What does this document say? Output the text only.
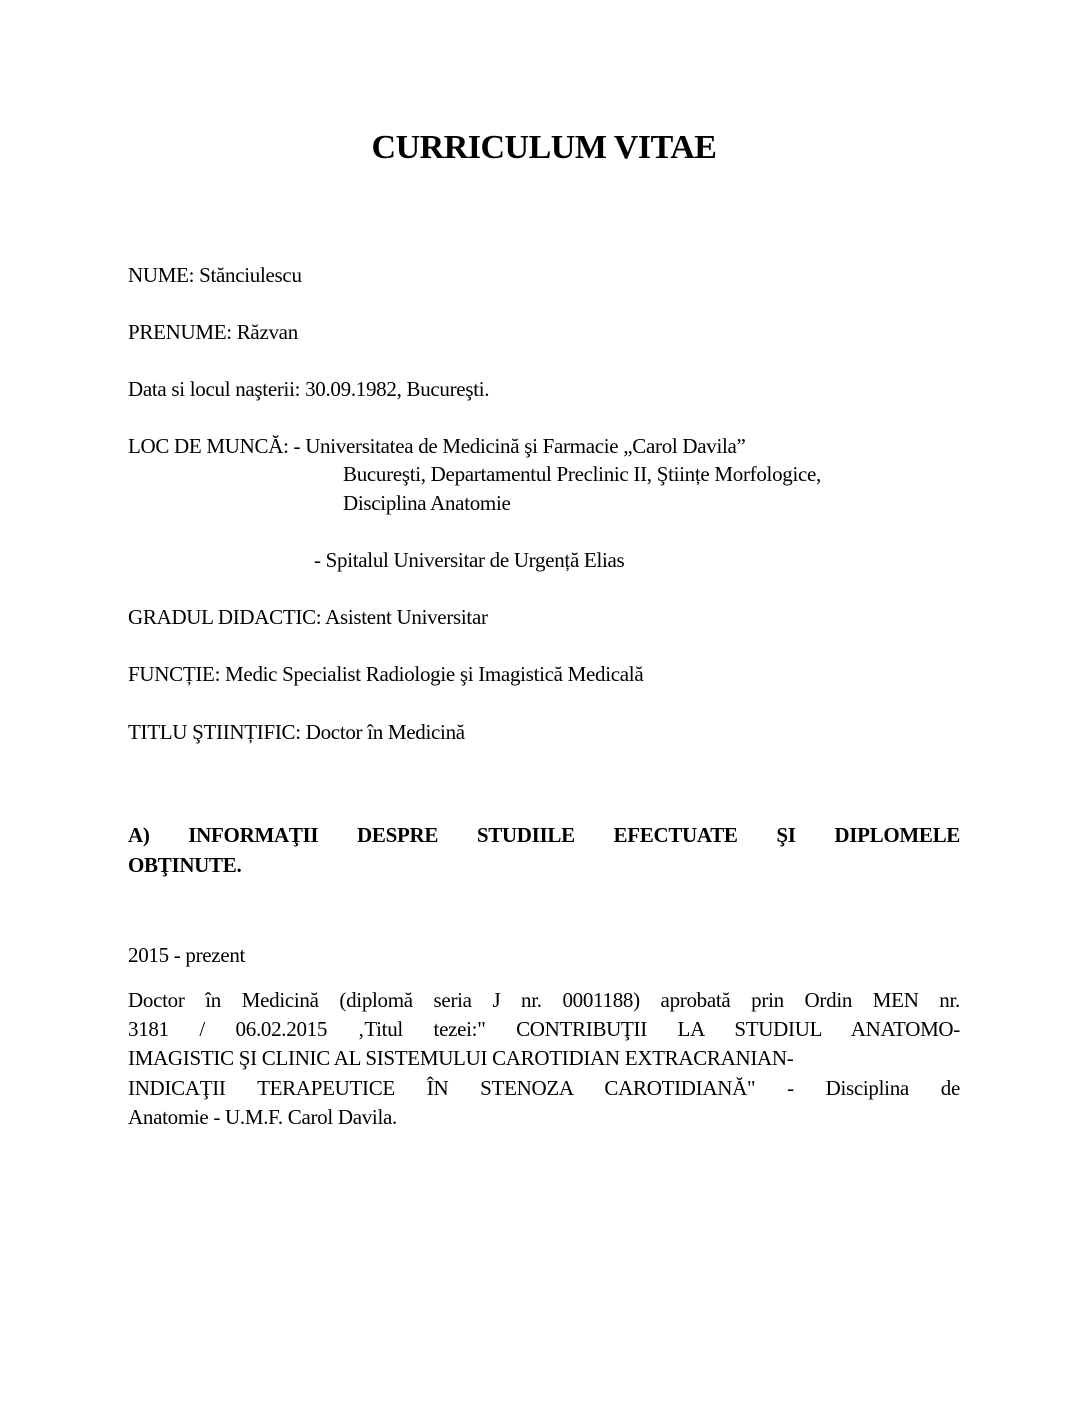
CURRICULUM VITAE
NUME: Stănciulescu
PRENUME: Răzvan
Data si locul naşterii: 30.09.1982, Bucureşti.
LOC DE MUNCĂ: - Universitatea de Medicină şi Farmacie „Carol Davila”
Bucureşti, Departamentul Preclinic II, Ştiințe Morfologice,
Disciplina Anatomie
- Spitalul Universitar de Urgență Elias
GRADUL DIDACTIC: Asistent Universitar
FUNCȚIE: Medic Specialist Radiologie şi Imagistică Medicală
TITLU ŞTIINȚIFIC: Doctor în Medicină
A) INFORMAŢII DESPRE STUDIILE EFECTUATE ŞI DIPLOMELE
OBŢINUTE.
2015 - prezent
Doctor în Medicină (diplomă seria J nr. 0001188) aprobată prin Ordin MEN nr.
3181 / 06.02.2015 ‚Titul tezei:" CONTRIBUŢII LA STUDIUL ANATOMO-
IMAGISTIC ŞI CLINIC AL SISTEMULUI CAROTIDIAN EXTRACRANIAN-
INDICAŢII TERAPEUTICE ÎN STENOZA CAROTIDIANĂ" - Disciplina de
Anatomie - U.M.F. Carol Davila.
